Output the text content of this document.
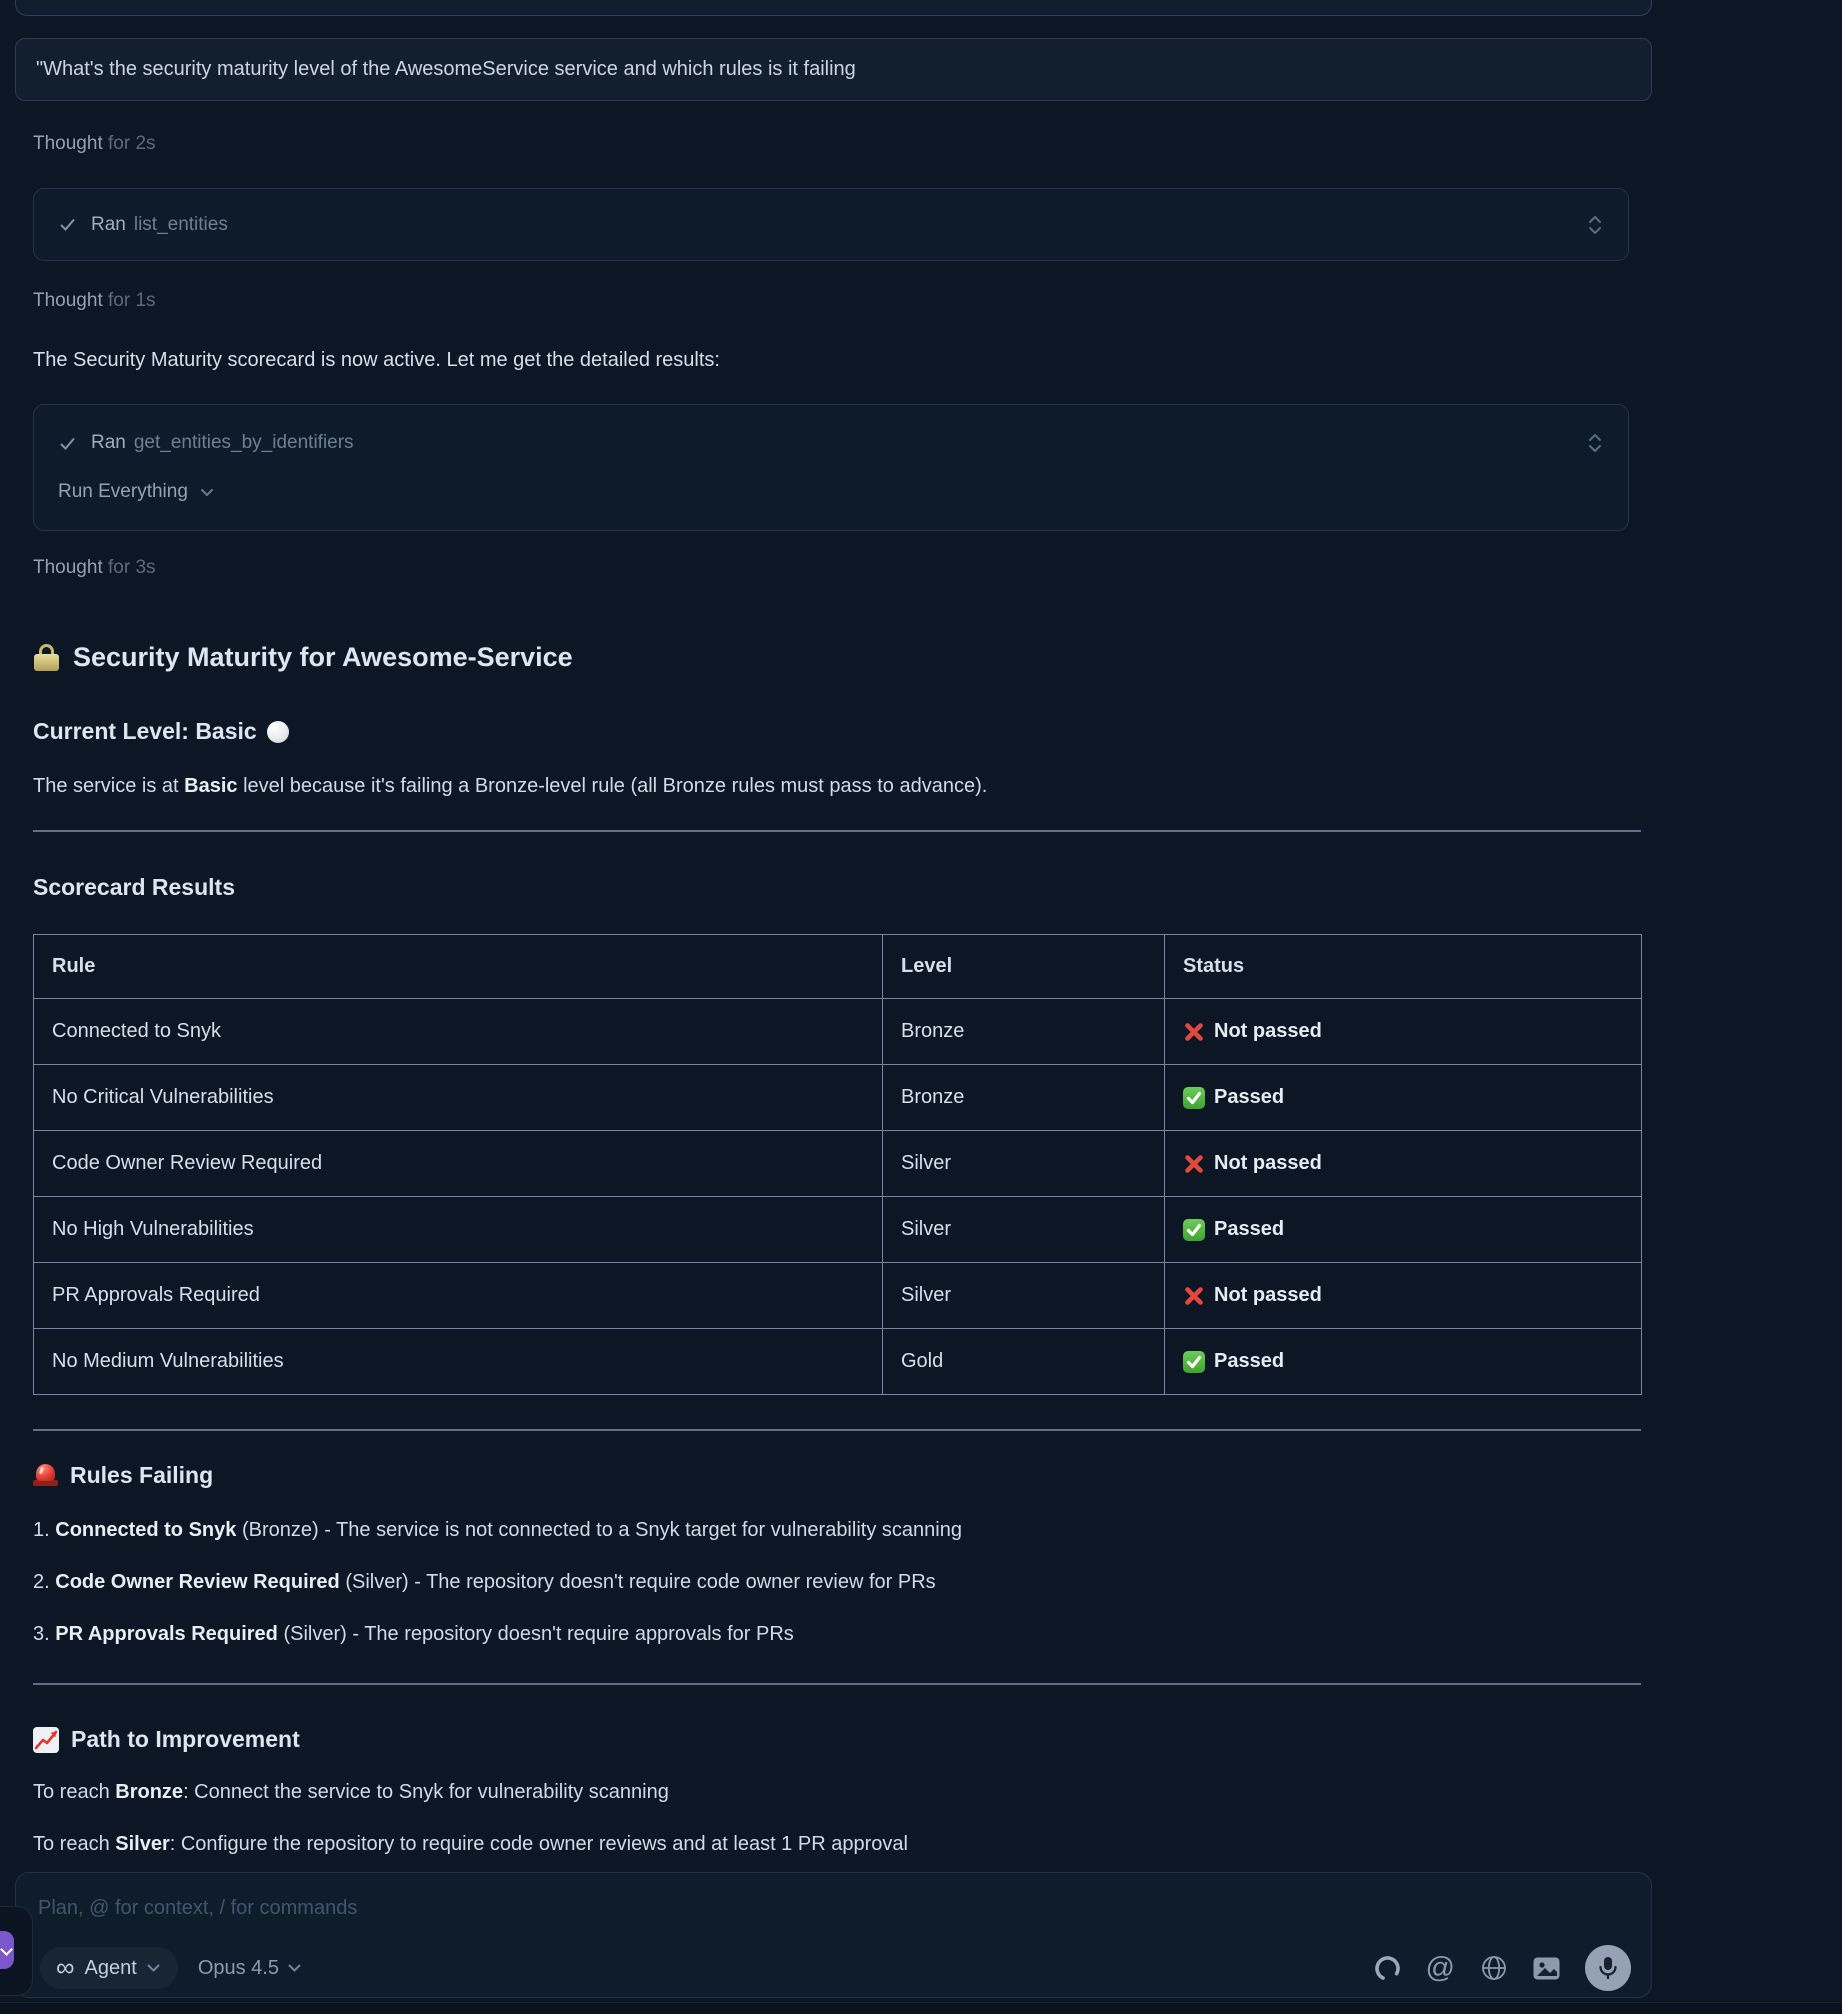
"What's the security maturity level of the AwesomeService service and which rules is it failing
Thought for 2s
Ran list_entities
Thought for 1s
The Security Maturity scorecard is now active. Let me get the detailed results:
Ran get_entities_by_identifiers
Run Everything
Thought for 3s
Security Maturity for Awesome-Service
Current Level: Basic
The service is at Basic level because it's failing a Bronze-level rule (all Bronze rules must pass to advance).
Scorecard Results
Rule	Level	Status
Connected to Snyk	Bronze	Not passed

No Critical Vulnerabilities	Bronze	Passed

Code Owner Review Required	Silver	Not passed

No High Vulnerabilities	Silver	Passed

PR Approvals Required	Silver	Not passed

No Medium Vulnerabilities	Gold	Passed
Rules Failing
1. Connected to Snyk (Bronze) - The service is not connected to a Snyk target for vulnerability scanning
2. Code Owner Review Required (Silver) - The repository doesn't require code owner review for PRs
3. PR Approvals Required (Silver) - The repository doesn't require approvals for PRs
Path to Improvement
To reach Bronze: Connect the service to Snyk for vulnerability scanning
To reach Silver: Configure the repository to require code owner reviews and at least 1 PR approval
Plan, @ for context, / for commands
∞ Agent	Opus 4.5	@
